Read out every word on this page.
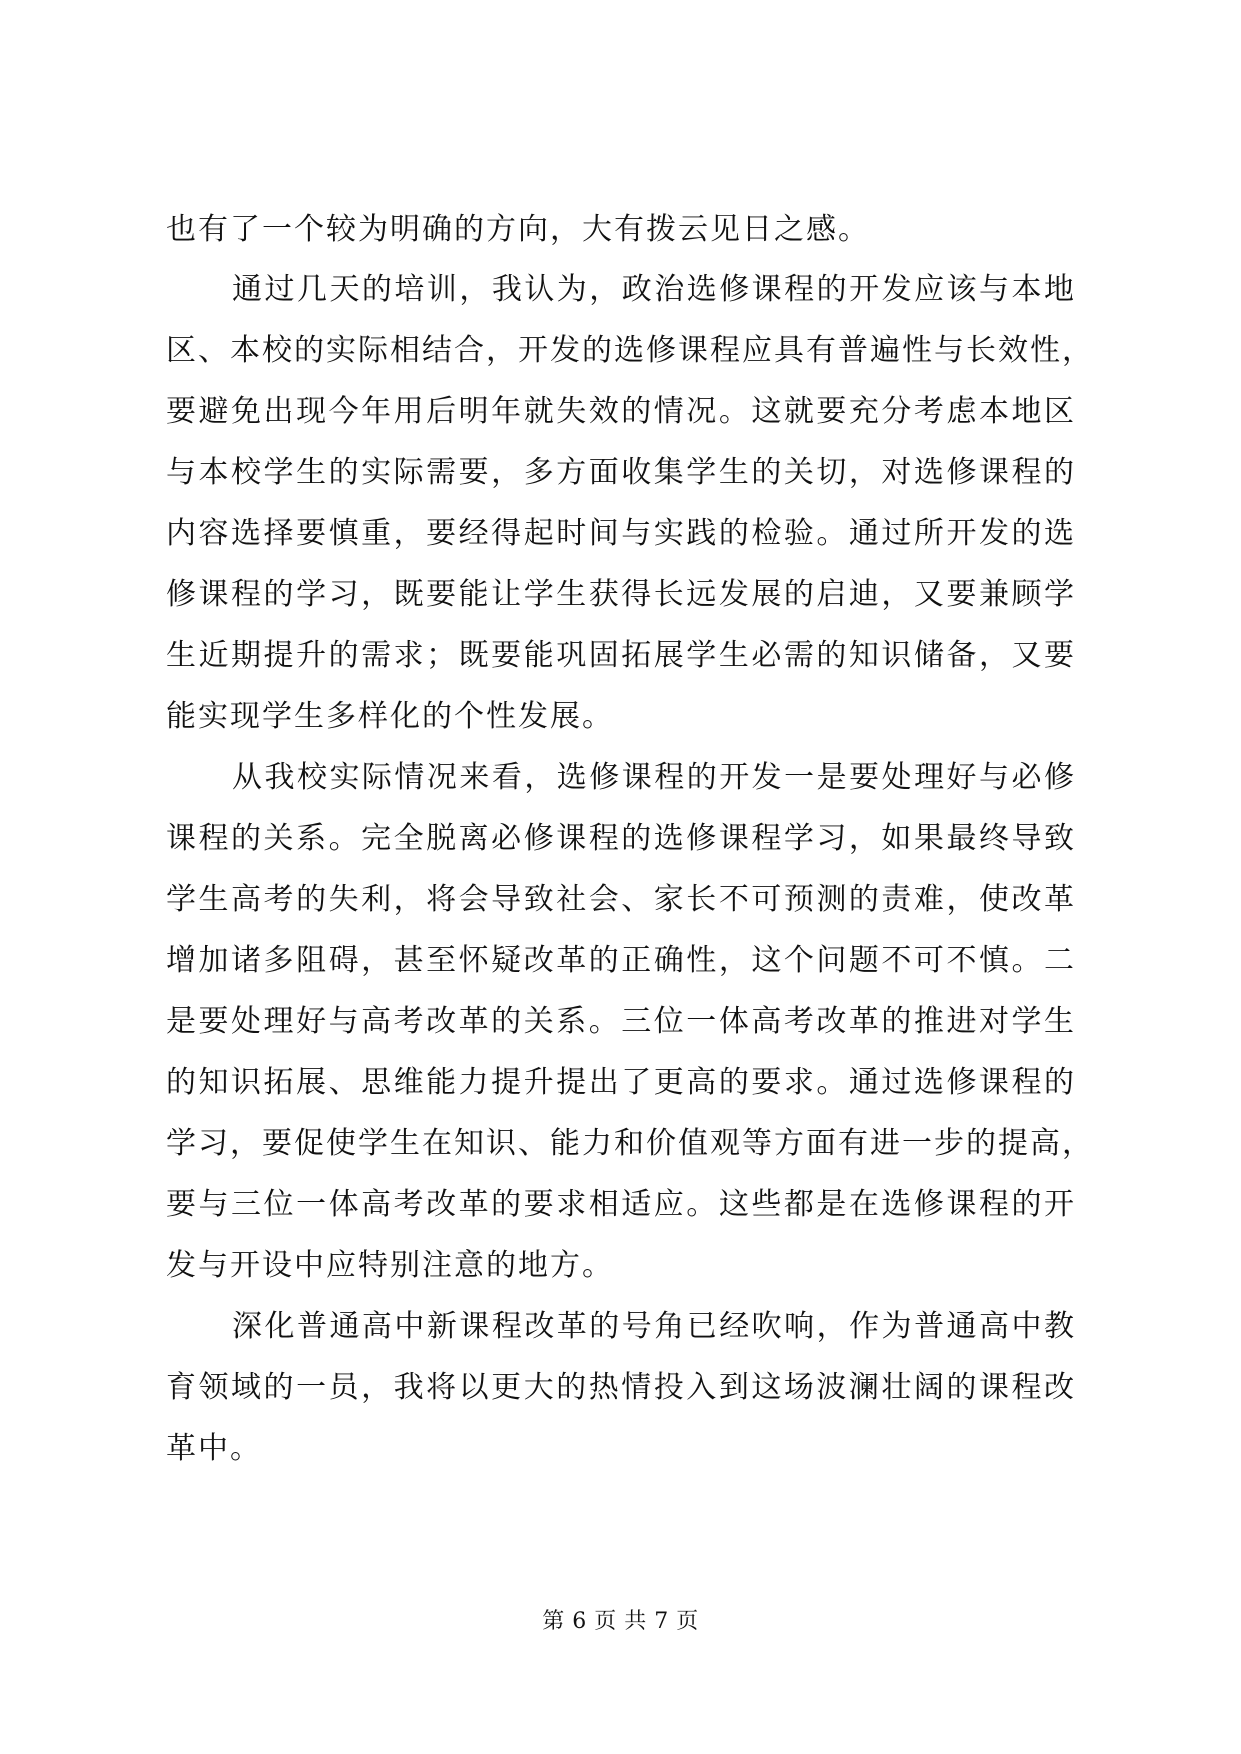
也有了一个较为明确的方向，大有拨云见日之感。
通过几天的培训，我认为，政治选修课程的开发应该与本地
区、本校的实际相结合，开发的选修课程应具有普遍性与长效性，
要避免出现今年用后明年就失效的情况。这就要充分考虑本地区
与本校学生的实际需要，多方面收集学生的关切，对选修课程的
内容选择要慎重，要经得起时间与实践的检验。通过所开发的选
修课程的学习，既要能让学生获得长远发展的启迪，又要兼顾学
生近期提升的需求；既要能巩固拓展学生必需的知识储备，又要
能实现学生多样化的个性发展。
从我校实际情况来看，选修课程的开发一是要处理好与必修
课程的关系。完全脱离必修课程的选修课程学习，如果最终导致
学生高考的失利，将会导致社会、家长不可预测的责难，使改革
增加诸多阻碍，甚至怀疑改革的正确性，这个问题不可不慎。二
是要处理好与高考改革的关系。三位一体高考改革的推进对学生
的知识拓展、思维能力提升提出了更高的要求。通过选修课程的
学习，要促使学生在知识、能力和价值观等方面有进一步的提高，
要与三位一体高考改革的要求相适应。这些都是在选修课程的开
发与开设中应特别注意的地方。
深化普通高中新课程改革的号角已经吹响，作为普通高中教
育领域的一员，我将以更大的热情投入到这场波澜壮阔的课程改
革中。
第 6 页 共 7 页
